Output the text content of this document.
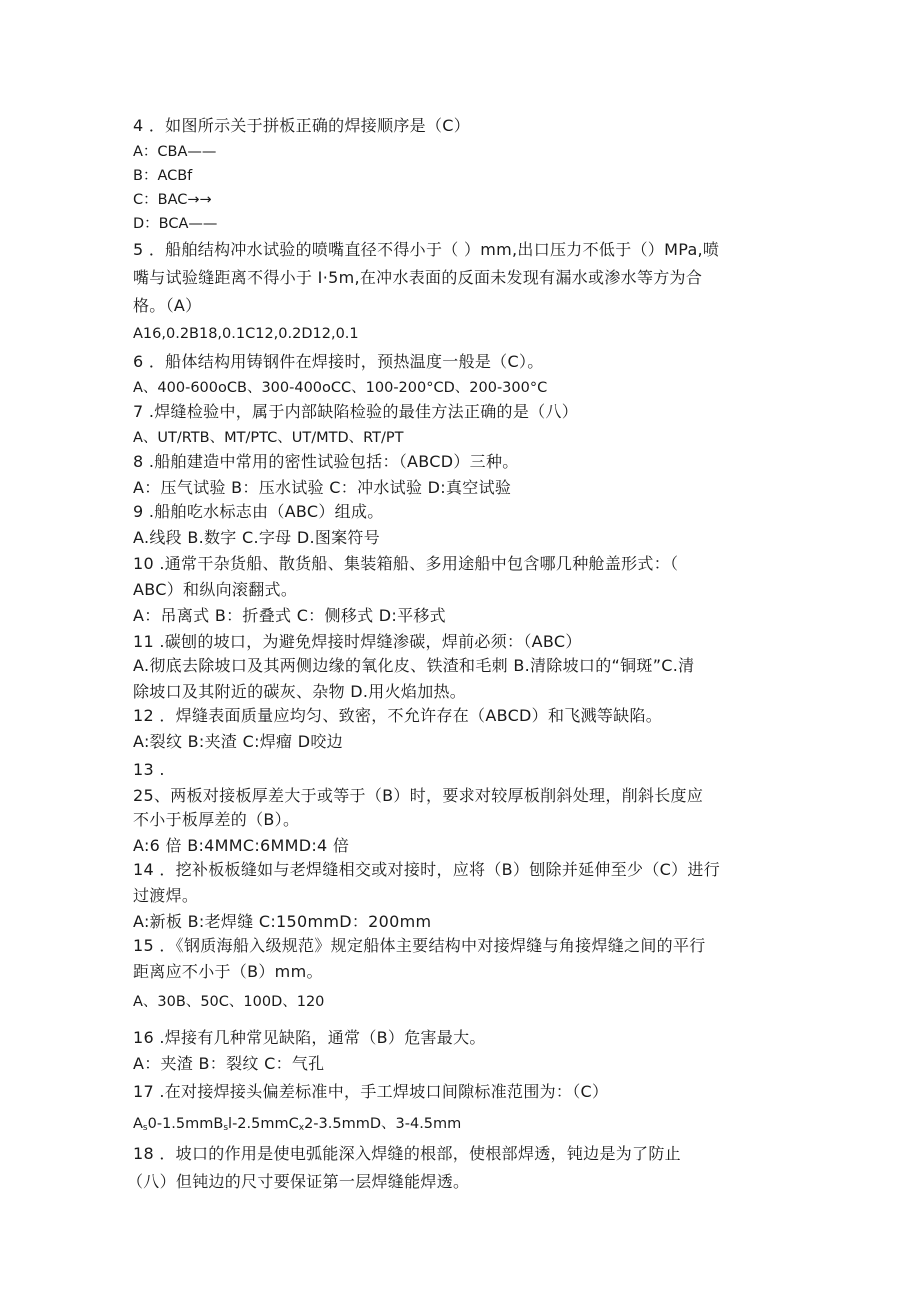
4 ．如图所示关于拼板正确的焊接顺序是（C）
A：CBA——
B：ACBf
C：BAC→→
D：BCA——
5 ．船舶结构冲水试验的喷嘴直径不得小于（ ）mm,出口压力不低于（）MPa,喷
嘴与试验缝距离不得小于 I·5m,在冲水表面的反面未发现有漏水或渗水等方为合
格。（A）
A16,0.2B18,0.1C12,0.2D12,0.1
6 ．船体结构用铸钢件在焊接时，预热温度一般是（C）。
A、400-600oCB、300-400oCC、100-200°CD、200-300°C
7 .焊缝检验中，属于内部缺陷检验的最佳方法正确的是（八）
A、UT/RTB、MT/PTC、UT/MTD、RT/PT
8 .船舶建造中常用的密性试验包括：（ABCD）三种。
A：压气试验 B：压水试验 C：冲水试验 D:真空试验
9 .船舶吃水标志由（ABC）组成。
A.线段 B.数字 C.字母 D.图案符号
10 .通常干杂货船、散货船、集装箱船、多用途船中包含哪几种舱盖形式：（
ABC）和纵向滚翻式。
A：吊离式 B：折叠式 C：侧移式 D:平移式
11 .碳刨的坡口，为避免焊接时焊缝渗碳，焊前必须：（ABC）
A.彻底去除坡口及其两侧边缘的氧化皮、铁渣和毛刺 B.清除坡口的“铜斑”C.清
除坡口及其附近的碳灰、杂物 D.用火焰加热。
12 ．焊缝表面质量应均匀、致密，不允许存在（ABCD）和飞溅等缺陷。
A:裂纹 B:夹渣 C:焊瘤 D咬边
13 .
25、两板对接板厚差大于或等于（B）时，要求对较厚板削斜处理，削斜长度应
不小于板厚差的（B）。
A:6 倍 B:4MMC:6MMD:4 倍
14 ．挖补板板缝如与老焊缝相交或对接时，应将（B）刨除并延伸至少（C）进行
过渡焊。
A:新板 B:老焊缝 C:150mmD：200mm
15 ．《钢质海船入级规范》规定船体主要结构中对接焊缝与角接焊缝之间的平行
距离应不小于（B）mm。
A、30B、50C、100D、120
16 .焊接有几种常见缺陷，通常（B）危害最大。
A：夹渣 B：裂纹 C：气孔
17 .在对接焊接头偏差标准中，手工焊坡口间隙标准范围为：（C）
$A_s0-1.5mmB_sl-2.5mmC_x2-3.5mmD$、3-4.5mm
18 ．坡口的作用是使电弧能深入焊缝的根部，使根部焊透，钝边是为了防止
（八）但钝边的尺寸要保证第一层焊缝能焊透。
